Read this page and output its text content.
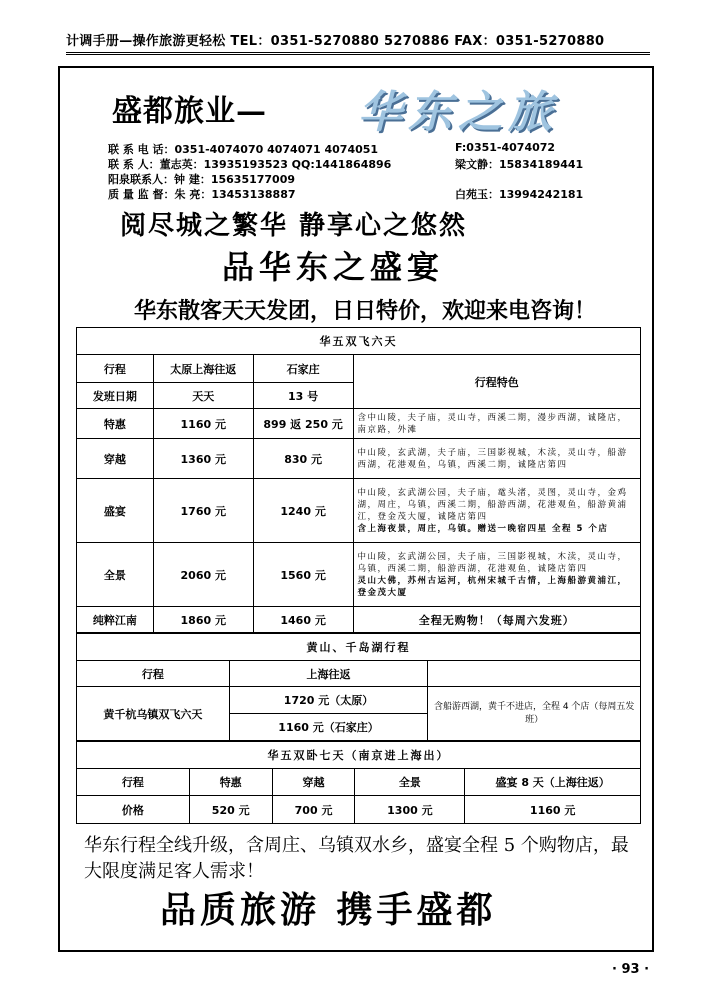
计调手册—操作旅游更轻松 TEL：0351-5270880 5270886 FAX：0351-5270880
盛都旅业— 华东之旅
联 系 电 话：0351-4074070 4074071 4074051	F:0351-4074072
联 系 人：董志英：13935193523 QQ:1441864896	梁文静：15834189441
阳泉联系人：钟 建：15635177009
质 量 监 督：朱 亮：13453138887	白苑玉：13994242181
阅尽城之繁华 静享心之悠然
品华东之盛宴
华东散客天天发团，日日特价，欢迎来电咨询！
华五双飞六天			
行程	太原上海往返	石家庄	行程特色
发班日期	天天	13 号	
特惠	1160 元	899 返 250 元	含中山陵，夫子庙，灵山寺，西溪二期，漫步西湖，诚隆店，南京路，外滩
穿越	1360 元	830 元	中山陵，玄武湖，夫子庙，三国影视城，木渎，灵山寺，船游西湖，花港观鱼，乌镇，西溪二期，诚隆店第四
盛宴	1760 元	1240 元	中山陵，玄武湖公园，夫子庙，鼋头渚，灵图，灵山寺，金鸡湖，周庄，乌镇，西溪二期，船游西湖，花港观鱼，船游黄浦江，登金茂大厦，诚隆店第四
含上海夜景，周庄，乌镇。赠送一晚宿四星 全程 5 个店
全景	2060 元	1560 元	中山陵，玄武湖公园，夫子庙，三国影视城，木渎，灵山寺，乌镇，西溪二期，船游西湖，花港观鱼，诚隆店第四
灵山大佛，苏州古运河，杭州宋城千古情，上海船游黄浦江，登金茂大厦
纯粹江南	1860 元	1460 元	全程无购物！（每周六发班）
黄山、千岛湖行程		
行程	上海往返	
黄千杭乌镇双飞六天	1720 元（太原）	含船游西湖，黄千不进店，全程 4 个店（每周五发班）
	1160 元（石家庄）	
华五双卧七天（南京进上海出）				
行程	特惠	穿越	全景	盛宴 8 天（上海往返）
价格	520 元	700 元	1300 元	1160 元
华东行程全线升级，含周庄、乌镇双水乡，盛宴全程 5 个购物店，最大限度满足客人需求！
品质旅游 携手盛都
· 93 ·
